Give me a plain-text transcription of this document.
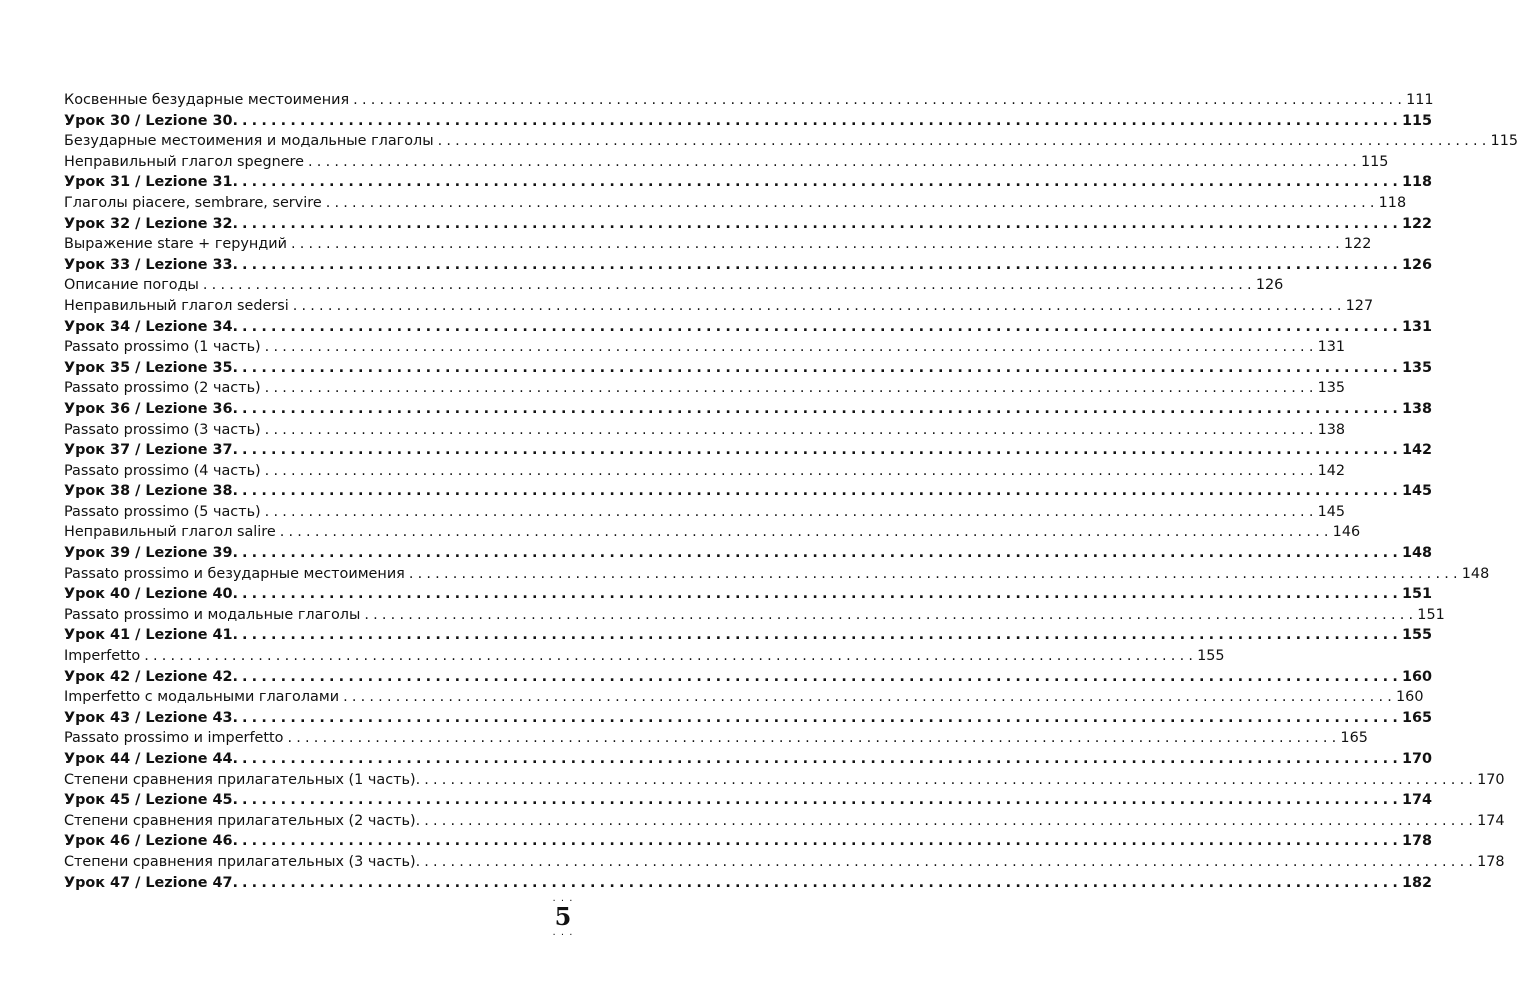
Косвенные безударные местоимения ........................................................................................................................ 111
Урок 30 / Lezione 30. ........................................................................................................................ 115
Безударные местоимения и модальные глаголы ........................................................................................................................ 115
Неправильный глагол spegnere ........................................................................................................................ 115
Урок 31 / Lezione 31. ........................................................................................................................ 118
Глаголы piacere, sembrare, servire ........................................................................................................................ 118
Урок 32 / Lezione 32. ........................................................................................................................ 122
Выражение stare + герундий ........................................................................................................................ 122
Урок 33 / Lezione 33. ........................................................................................................................ 126
Описание погоды ........................................................................................................................ 126
Неправильный глагол sedersi ........................................................................................................................ 127
Урок 34 / Lezione 34. ........................................................................................................................ 131
Passato prossimo (1 часть) ........................................................................................................................ 131
Урок 35 / Lezione 35. ........................................................................................................................ 135
Passato prossimo (2 часть) ........................................................................................................................ 135
Урок 36 / Lezione 36. ........................................................................................................................ 138
Passato prossimo (3 часть) ........................................................................................................................ 138
Урок 37 / Lezione 37. ........................................................................................................................ 142
Passato prossimo (4 часть) ........................................................................................................................ 142
Урок 38 / Lezione 38. ........................................................................................................................ 145
Passato prossimo (5 часть) ........................................................................................................................ 145
Неправильный глагол salire ........................................................................................................................ 146
Урок 39 / Lezione 39. ........................................................................................................................ 148
Passato prossimo и безударные местоимения ........................................................................................................................ 148
Урок 40 / Lezione 40. ........................................................................................................................ 151
Passato prossimo и модальные глаголы ........................................................................................................................ 151
Урок 41 / Lezione 41. ........................................................................................................................ 155
Imperfetto ........................................................................................................................ 155
Урок 42 / Lezione 42. ........................................................................................................................ 160
Imperfetto с модальными глаголами ........................................................................................................................ 160
Урок 43 / Lezione 43. ........................................................................................................................ 165
Passato prossimo и imperfetto ........................................................................................................................ 165
Урок 44 / Lezione 44. ........................................................................................................................ 170
Степени сравнения прилагательных (1 часть). ........................................................................................................................ 170
Урок 45 / Lezione 45. ........................................................................................................................ 174
Степени сравнения прилагательных (2 часть). ........................................................................................................................ 174
Урок 46 / Lezione 46. ........................................................................................................................ 178
Степени сравнения прилагательных (3 часть). ........................................................................................................................ 178
Урок 47 / Lezione 47. ........................................................................................................................ 182
. . .
5
. . .
